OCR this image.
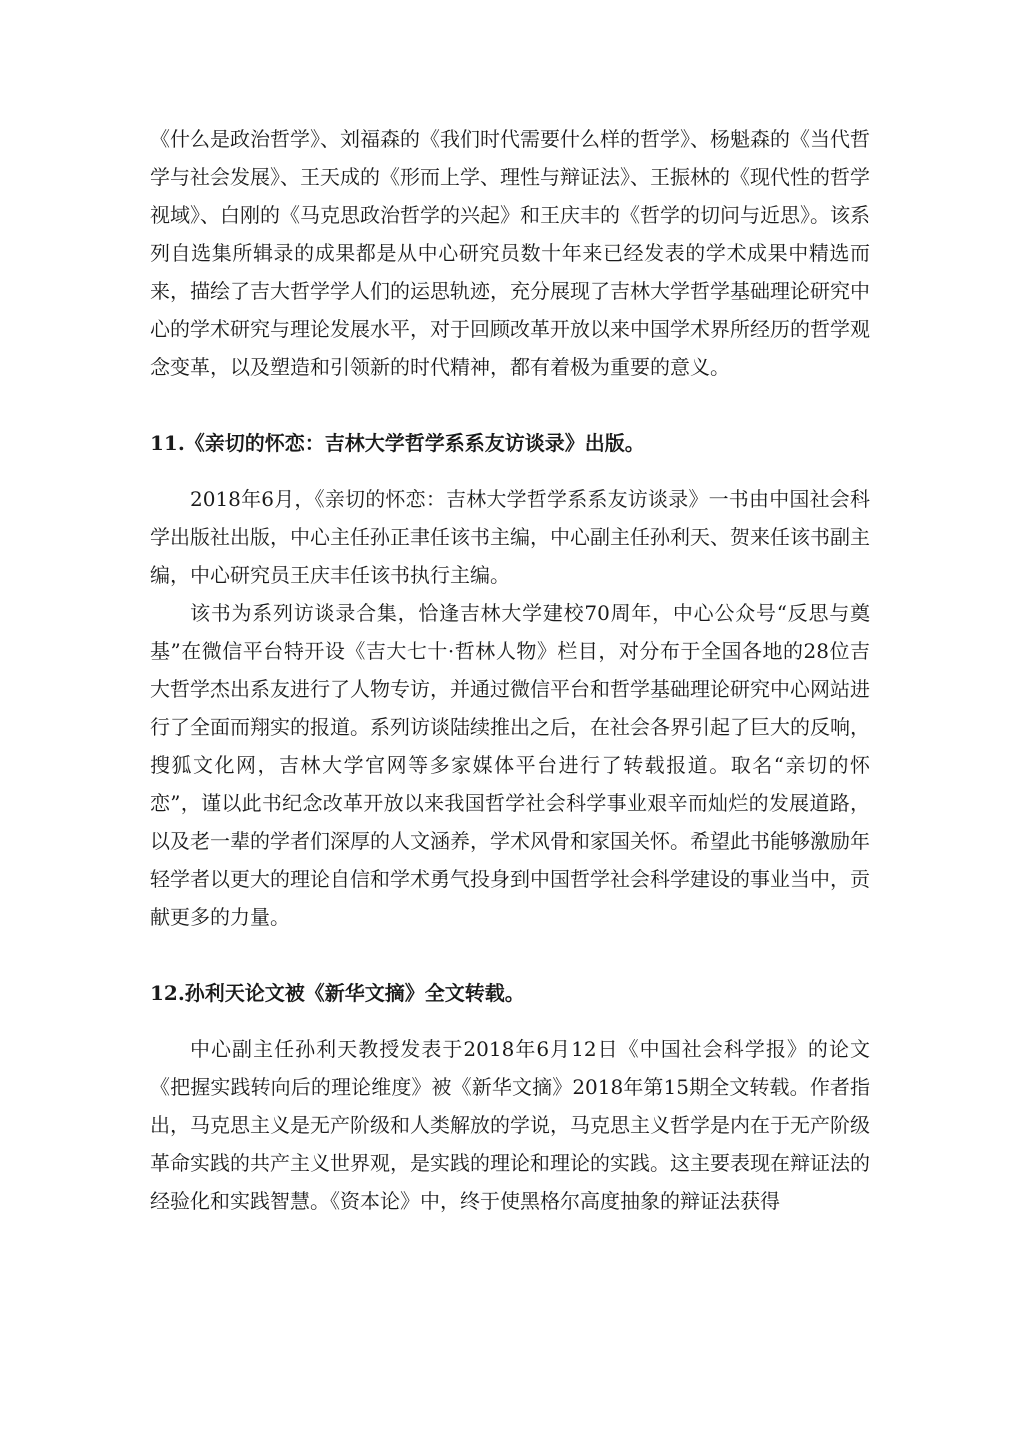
《什么是政治哲学》、刘福森的《我们时代需要什么样的哲学》、杨魁森的《当代哲学与社会发展》、王天成的《形而上学、理性与辩证法》、王振林的《现代性的哲学视域》、白刚的《马克思政治哲学的兴起》和王庆丰的《哲学的切问与近思》。该系列自选集所辑录的成果都是从中心研究员数十年来已经发表的学术成果中精选而来，描绘了吉大哲学学人们的运思轨迹，充分展现了吉林大学哲学基础理论研究中心的学术研究与理论发展水平，对于回顾改革开放以来中国学术界所经历的哲学观念变革，以及塑造和引领新的时代精神，都有着极为重要的意义。

11.《亲切的怀恋：吉林大学哲学系系友访谈录》出版。

2018年6月，《亲切的怀恋：吉林大学哲学系系友访谈录》一书由中国社会科学出版社出版，中心主任孙正聿任该书主编，中心副主任孙利天、贺来任该书副主编，中心研究员王庆丰任该书执行主编。

该书为系列访谈录合集，恰逢吉林大学建校70周年，中心公众号“反思与奠基”在微信平台特开设《吉大七十·哲林人物》栏目，对分布于全国各地的28位吉大哲学杰出系友进行了人物专访，并通过微信平台和哲学基础理论研究中心网站进行了全面而翔实的报道。系列访谈陆续推出之后，在社会各界引起了巨大的反响，搜狐文化网，吉林大学官网等多家媒体平台进行了转载报道。取名“亲切的怀恋”，谨以此书纪念改革开放以来我国哲学社会科学事业艰辛而灿烂的发展道路，以及老一辈的学者们深厚的人文涵养，学术风骨和家国关怀。希望此书能够激励年轻学者以更大的理论自信和学术勇气投身到中国哲学社会科学建设的事业当中，贡献更多的力量。

12.孙利天论文被《新华文摘》全文转载。

中心副主任孙利天教授发表于2018年6月12日《中国社会科学报》的论文《把握实践转向后的理论维度》被《新华文摘》2018年第15期全文转载。作者指出，马克思主义是无产阶级和人类解放的学说，马克思主义哲学是内在于无产阶级革命实践的共产主义世界观，是实践的理论和理论的实践。这主要表现在辩证法的经验化和实践智慧。《资本论》中，终于使黑格尔高度抽象的辩证法获得
